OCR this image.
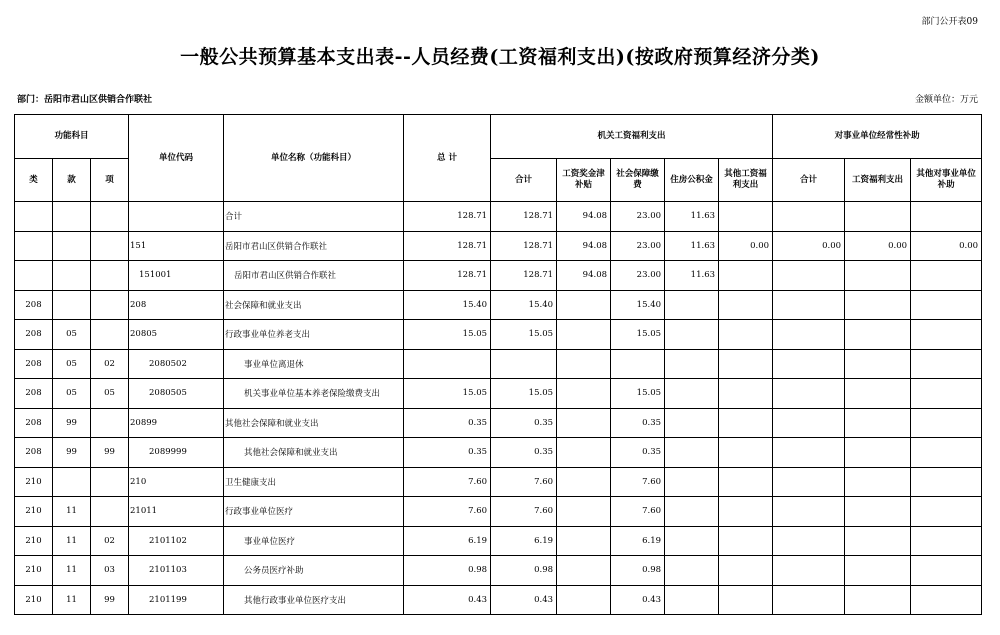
部门公开表09
一般公共预算基本支出表--人员经费(工资福利支出)(按政府预算经济分类)
部门：岳阳市君山区供销合作联社	金额单位：万元
功能科目			单位代码	单位名称（功能科目）	总 计	机关工资福利支出					对事业单位经常性补助		
类	款	项				合计	工资奖金津补贴	社会保障缴费	住房公积金	其他工资福利支出	合计	工资福利支出	其他对事业单位补助
				合计	128.71	128.71	94.08	23.00	11.63				
			151	岳阳市君山区供销合作联社	128.71	128.71	94.08	23.00	11.63	0.00	0.00	0.00	0.00
			151001	岳阳市君山区供销合作联社	128.71	128.71	94.08	23.00	11.63				
208			208	社会保障和就业支出	15.40	15.40		15.40					
208	05		20805	行政事业单位养老支出	15.05	15.05		15.05					
208	05	02	2080502	事业单位离退休									
208	05	05	2080505	机关事业单位基本养老保险缴费支出	15.05	15.05		15.05					
208	99		20899	其他社会保障和就业支出	0.35	0.35		0.35					
208	99	99	2089999	其他社会保障和就业支出	0.35	0.35		0.35					
210			210	卫生健康支出	7.60	7.60		7.60					
210	11		21011	行政事业单位医疗	7.60	7.60		7.60					
210	11	02	2101102	事业单位医疗	6.19	6.19		6.19					
210	11	03	2101103	公务员医疗补助	0.98	0.98		0.98					
210	11	99	2101199	其他行政事业单位医疗支出	0.43	0.43		0.43					
